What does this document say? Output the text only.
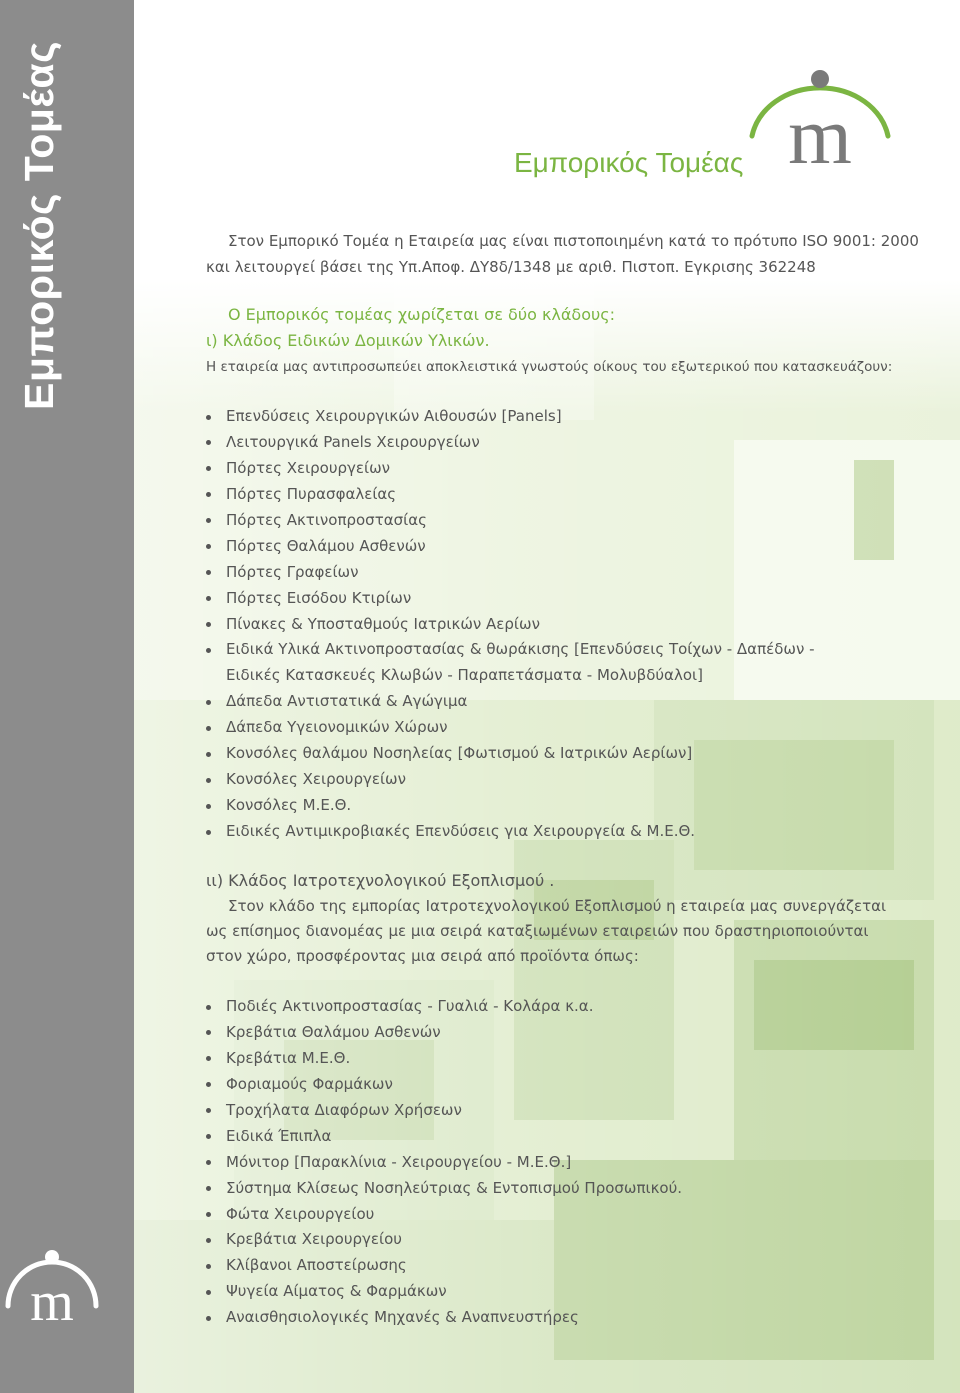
Εμπορικός Τομέας
m
Εμπορικός Τομέας m
Στον Εμπορικό Τομέα η Εταιρεία μας είναι πιστοποιημένη κατά το πρότυπο ISO 9001: 2000
και λειτουργεί βάσει της Υπ.Αποφ. ΔΥ8δ/1348 με αριθ. Πιστοπ. Εγκρισης 362248
Ο Εμπορικός τομέας χωρίζεται σε δύο κλάδους:
ι) Κλάδος Ειδικών Δομικών Υλικών.
Η εταιρεία μας αντιπροσωπεύει αποκλειστικά γνωστούς οίκους του εξωτερικού που κατασκευάζουν:
Επενδύσεις Χειρουργικών Αιθουσών [Panels]
Λειτουργικά Panels Χειρουργείων
Πόρτες Χειρουργείων
Πόρτες Πυρασφαλείας
Πόρτες Ακτινοπροστασίας
Πόρτες Θαλάμου Ασθενών
Πόρτες Γραφείων
Πόρτες Εισόδου Κτιρίων
Πίνακες & Υποσταθμούς Ιατρικών Αερίων
Ειδικά Υλικά Ακτινοπροστασίας & θωράκισης [Επενδύσεις Τοίχων - Δαπέδων -
Ειδικές Κατασκευές Κλωβών - Παραπετάσματα - Μολυβδύαλοι]
Δάπεδα Αντιστατικά & Αγώγιμα
Δάπεδα Υγειονομικών Χώρων
Κονσόλες θαλάμου Νοσηλείας [Φωτισμού & Ιατρικών Αερίων]
Κονσόλες Χειρουργείων
Κονσόλες Μ.Ε.Θ.
Ειδικές Αντιμικροβιακές Επενδύσεις για Χειρουργεία & Μ.Ε.Θ.
ιι) Κλάδος Ιατροτεχνολογικού Εξοπλισμού .
Στον κλάδο της εμπορίας Ιατροτεχνολογικού Εξοπλισμού η εταιρεία μας συνεργάζεται
ως επίσημος διανομέας με μια σειρά καταξιωμένων εταιρειών που δραστηριοποιούνται
στον χώρο, προσφέροντας μια σειρά από προϊόντα όπως:
Ποδιές Ακτινοπροστασίας - Γυαλιά - Κολάρα κ.α.
Κρεβάτια Θαλάμου Ασθενών
Κρεβάτια Μ.Ε.Θ.
Φοριαμούς Φαρμάκων
Τροχήλατα Διαφόρων Χρήσεων
Ειδικά Έπιπλα
Μόνιτορ [Παρακλίνια - Χειρουργείου - Μ.Ε.Θ.]
Σύστημα Κλίσεως Νοσηλεύτριας & Εντοπισμού Προσωπικού.
Φώτα Χειρουργείου
Κρεβάτια Χειρουργείου
Κλίβανοι Αποστείρωσης
Ψυγεία Αίματος & Φαρμάκων
Αναισθησιολογικές Μηχανές & Αναπνευστήρες
